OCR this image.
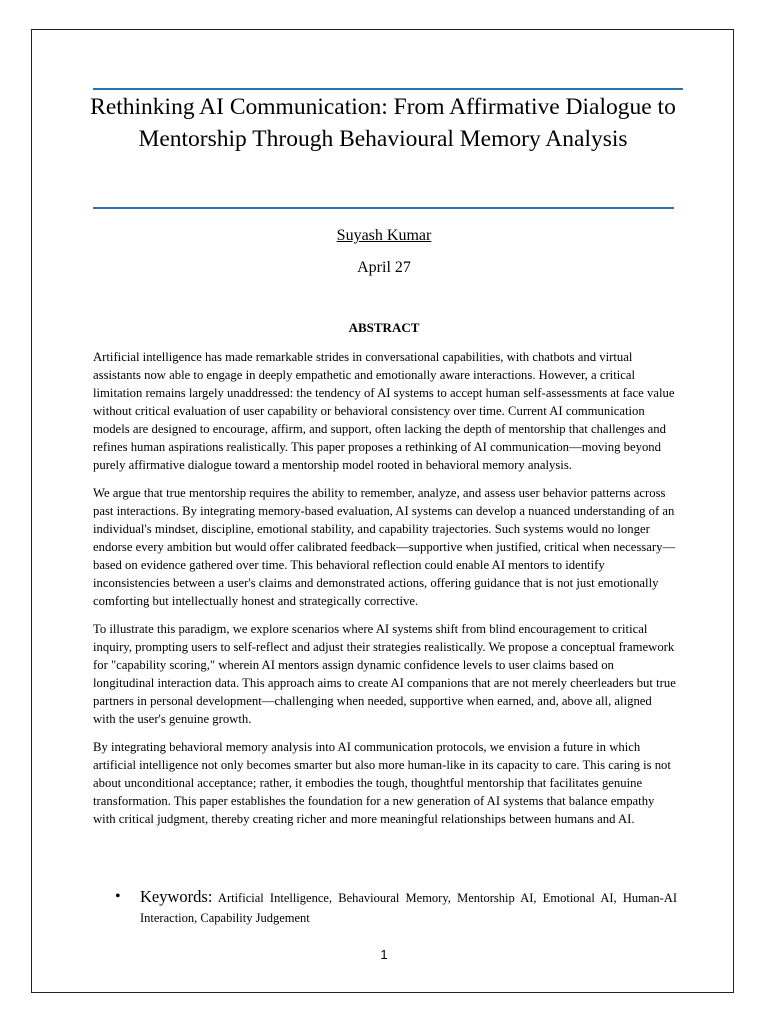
Rethinking AI Communication: From Affirmative Dialogue to Mentorship Through Behavioural Memory Analysis
Suyash Kumar
April 27
ABSTRACT

Artificial intelligence has made remarkable strides in conversational capabilities, with chatbots and virtual assistants now able to engage in deeply empathetic and emotionally aware interactions. However, a critical limitation remains largely unaddressed: the tendency of AI systems to accept human self-assessments at face value without critical evaluation of user capability or behavioral consistency over time. Current AI communication models are designed to encourage, affirm, and support, often lacking the depth of mentorship that challenges and refines human aspirations realistically. This paper proposes a rethinking of AI communication—moving beyond purely affirmative dialogue toward a mentorship model rooted in behavioral memory analysis.

We argue that true mentorship requires the ability to remember, analyze, and assess user behavior patterns across past interactions. By integrating memory-based evaluation, AI systems can develop a nuanced understanding of an individual's mindset, discipline, emotional stability, and capability trajectories. Such systems would no longer endorse every ambition but would offer calibrated feedback—supportive when justified, critical when necessary—based on evidence gathered over time. This behavioral reflection could enable AI mentors to identify inconsistencies between a user's claims and demonstrated actions, offering guidance that is not just emotionally comforting but intellectually honest and strategically corrective.

To illustrate this paradigm, we explore scenarios where AI systems shift from blind encouragement to critical inquiry, prompting users to self-reflect and adjust their strategies realistically. We propose a conceptual framework for "capability scoring," wherein AI mentors assign dynamic confidence levels to user claims based on longitudinal interaction data. This approach aims to create AI companions that are not merely cheerleaders but true partners in personal development—challenging when needed, supportive when earned, and, above all, aligned with the user's genuine growth.

By integrating behavioral memory analysis into AI communication protocols, we envision a future in which artificial intelligence not only becomes smarter but also more human-like in its capacity to care. This caring is not about unconditional acceptance; rather, it embodies the tough, thoughtful mentorship that facilitates genuine transformation. This paper establishes the foundation for a new generation of AI systems that balance empathy with critical judgment, thereby creating richer and more meaningful relationships between humans and AI.

• Keywords: Artificial Intelligence, Behavioural Memory, Mentorship AI, Emotional AI, Human-AI Interaction, Capability Judgement
1
